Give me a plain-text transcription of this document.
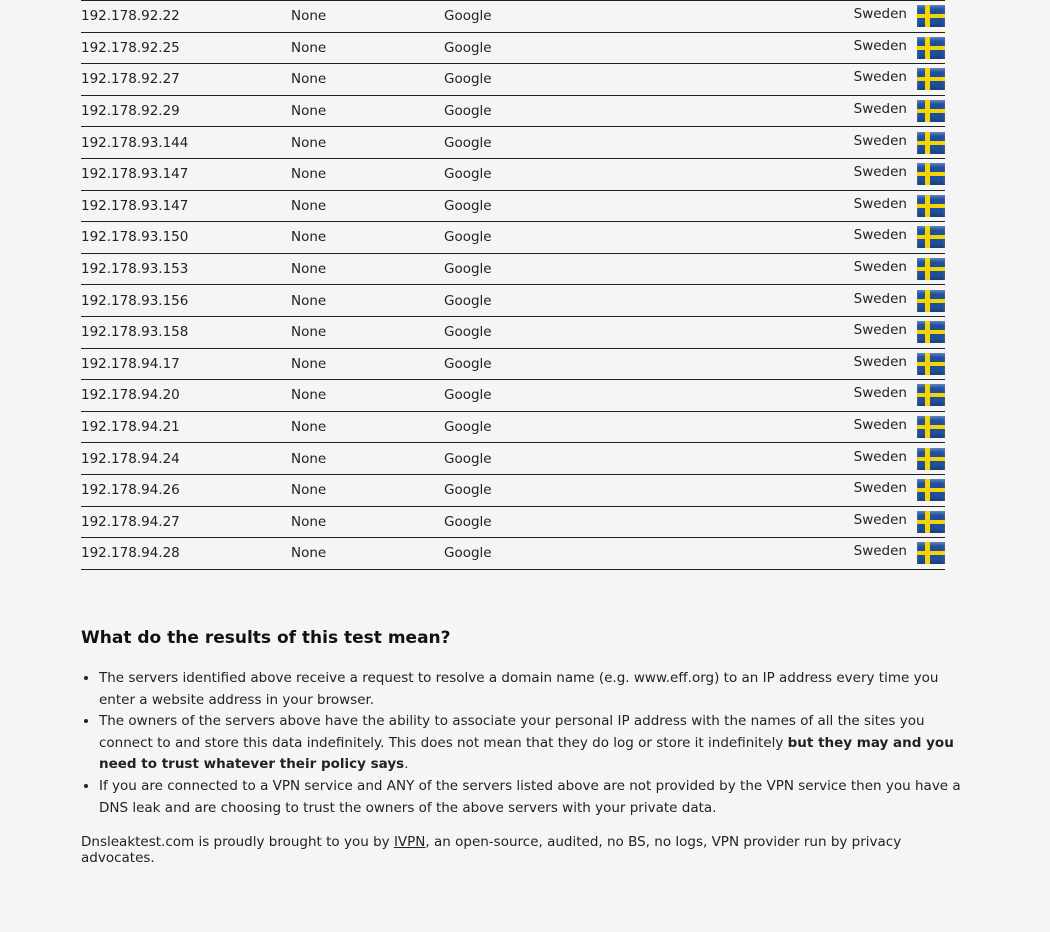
192.178.92.22	None	Google	Sweden
192.178.92.25	None	Google	Sweden
192.178.92.27	None	Google	Sweden
192.178.92.29	None	Google	Sweden
192.178.93.144	None	Google	Sweden
192.178.93.147	None	Google	Sweden
192.178.93.147	None	Google	Sweden
192.178.93.150	None	Google	Sweden
192.178.93.153	None	Google	Sweden
192.178.93.156	None	Google	Sweden
192.178.93.158	None	Google	Sweden
192.178.94.17	None	Google	Sweden
192.178.94.20	None	Google	Sweden
192.178.94.21	None	Google	Sweden
192.178.94.24	None	Google	Sweden
192.178.94.26	None	Google	Sweden
192.178.94.27	None	Google	Sweden
192.178.94.28	None	Google	Sweden
What do the results of this test mean?
• The servers identified above receive a request to resolve a domain name (e.g. www.eff.org) to an IP address every time you enter a website address in your browser.
• The owners of the servers above have the ability to associate your personal IP address with the names of all the sites you connect to and store this data indefinitely. This does not mean that they do log or store it indefinitely but they may and you need to trust whatever their policy says.
• If you are connected to a VPN service and ANY of the servers listed above are not provided by the VPN service then you have a DNS leak and are choosing to trust the owners of the above servers with your private data.

Dnsleaktest.com is proudly brought to you by IVPN, an open-source, audited, no BS, no logs, VPN provider run by privacy advocates.
